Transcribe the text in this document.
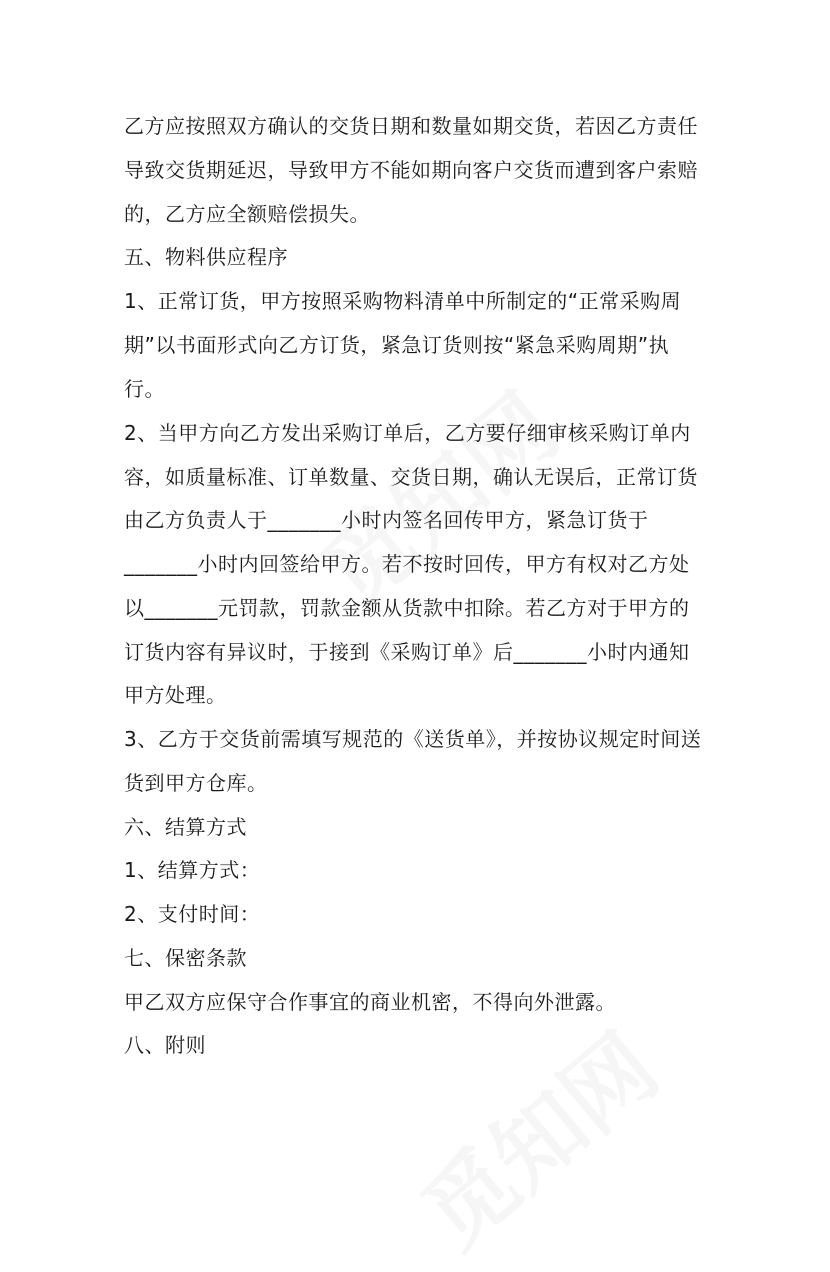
乙方应按照双方确认的交货日期和数量如期交货，若因乙方责任
导致交货期延迟，导致甲方不能如期向客户交货而遭到客户索赔
的，乙方应全额赔偿损失。
五、物料供应程序
1、正常订货，甲方按照采购物料清单中所制定的“正常采购周
期”以书面形式向乙方订货，紧急订货则按“紧急采购周期”执
行。
2、当甲方向乙方发出采购订单后，乙方要仔细审核采购订单内
容，如质量标准、订单数量、交货日期，确认无误后，正常订货
由乙方负责人于_______小时内签名回传甲方，紧急订货于
_______小时内回签给甲方。若不按时回传，甲方有权对乙方处
以_______元罚款，罚款金额从货款中扣除。若乙方对于甲方的
订货内容有异议时，于接到《采购订单》后_______小时内通知
甲方处理。
3、乙方于交货前需填写规范的《送货单》，并按协议规定时间送
货到甲方仓库。
六、结算方式
1、结算方式：
2、支付时间：
七、保密条款
甲乙双方应保守合作事宜的商业机密，不得向外泄露。
八、附则
